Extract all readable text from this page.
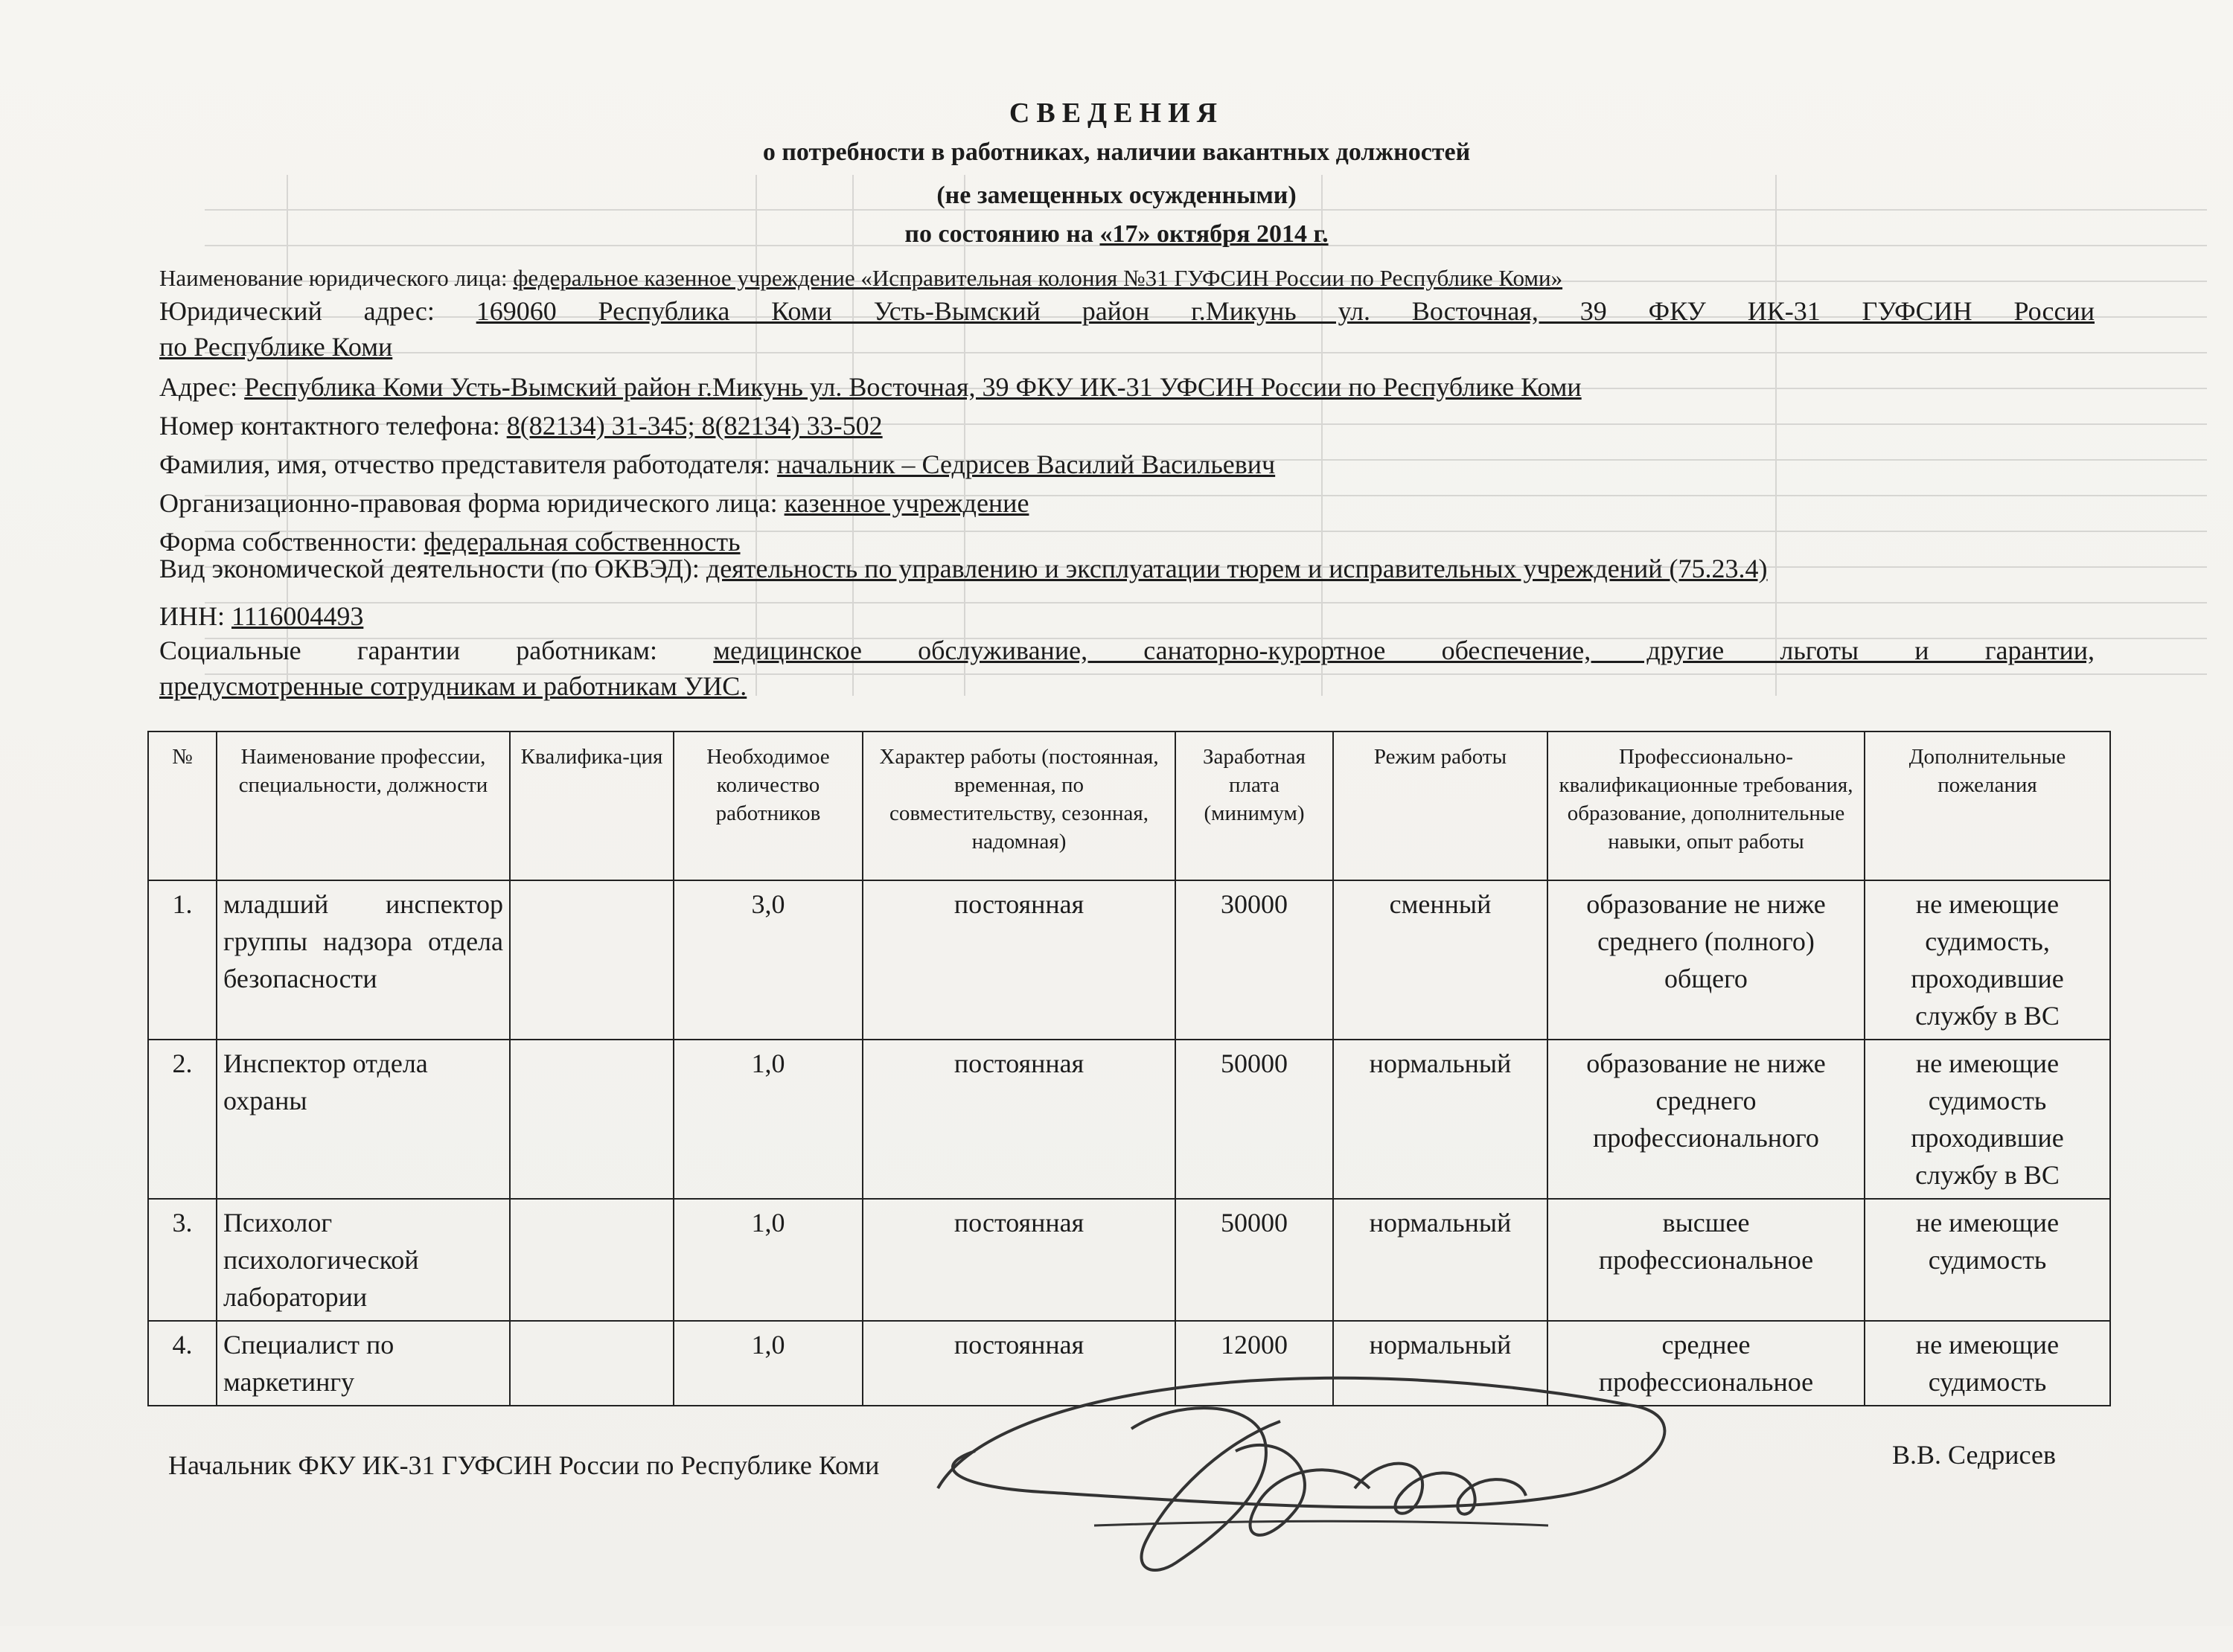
СВЕДЕНИЯ
о потребности в работниках, наличии вакантных должностей
(не замещенных осужденными)
по состоянию на «17» октября 2014 г.
Наименование юридического лица: федеральное казенное учреждение «Исправительная колония №31 ГУФСИН России по Республике Коми»
Юридический адрес: 169060 Республика Коми Усть-Вымский район г.Микунь ул. Восточная, 39 ФКУ ИК-31 ГУФСИН России
по Республике Коми
Адрес: Республика Коми Усть-Вымский район г.Микунь ул. Восточная, 39 ФКУ ИК-31 УФСИН России по Республике Коми
Номер контактного телефона: 8(82134) 31-345; 8(82134) 33-502
Фамилия, имя, отчество представителя работодателя: начальник – Седрисев Василий Васильевич
Организационно-правовая форма юридического лица: казенное учреждение
Форма собственности: федеральная собственность
Вид экономической деятельности (по ОКВЭД): деятельность по управлению и эксплуатации тюрем и исправительных учреждений (75.23.4)
ИНН: 1116004493
Социальные гарантии работникам: медицинское обслуживание, санаторно-курортное обеспечение, другие льготы и гарантии,
предусмотренные сотрудникам и работникам УИС.
№	Наименование профессии, специальности, должности	Квалифика-ция	Необходимое количество работников	Характер работы (постоянная, временная, по совместительству, сезонная, надомная)	Заработная плата (минимум)	Режим работы	Профессионально-квалификационные требования, образование, дополнительные навыки, опыт работы	Дополнительные пожелания
1.	младший инспектор группы надзора отдела безопасности		3,0	постоянная	30000	сменный	образование не ниже среднего (полного) общего	не имеющие судимость, проходившие службу в ВС
2.	Инспектор отдела охраны		1,0	постоянная	50000	нормальный	образование не ниже среднего профессионального	не имеющие судимость проходившие службу в ВС
3.	Психолог психологической лаборатории		1,0	постоянная	50000	нормальный	высшее профессиональное	не имеющие судимость
4.	Специалист по маркетингу		1,0	постоянная	12000	нормальный	среднее профессиональное	не имеющие судимость
Начальник ФКУ ИК-31 ГУФСИН России по Республике Коми	В.В. Седрисев
